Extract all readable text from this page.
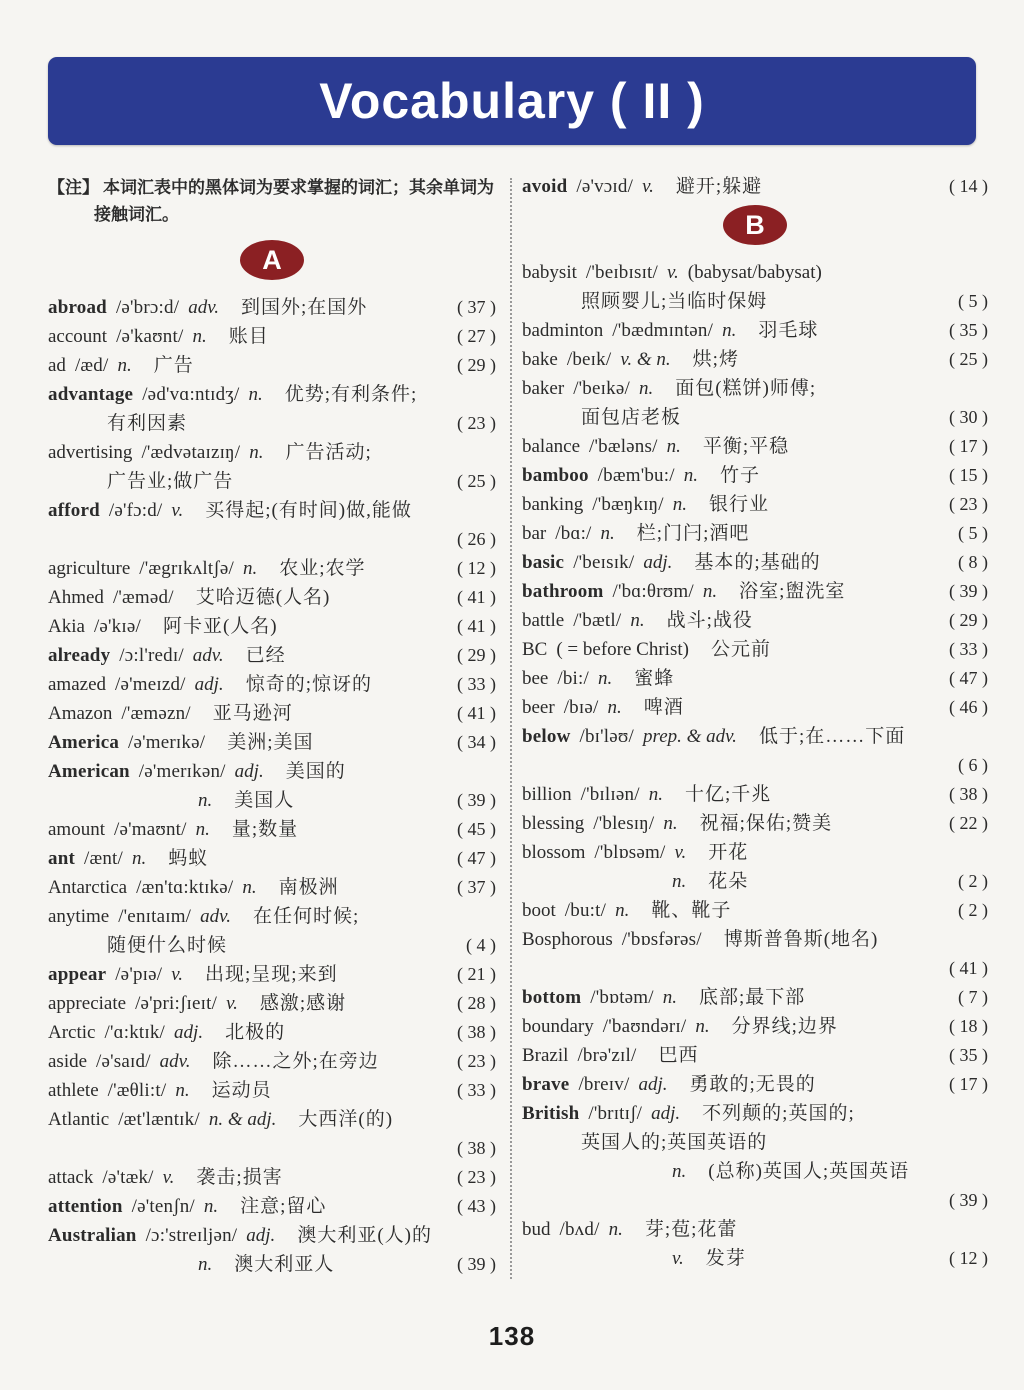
Vocabulary ( II )

【注】 本词汇表中的黑体词为要求掌握的词汇；其余单词为接触词汇。

A
abroad /ə'brɔ:d/ adv. 到国外;在国外	( 37 )
account /ə'kaʊnt/ n. 账目	( 27 )
ad /æd/ n. 广告	( 29 )
advantage /əd'vɑ:ntɪdʒ/ n. 优势;有利条件;
有利因素	( 23 )
advertising /'ædvətaɪzɪŋ/ n. 广告活动;
广告业;做广告	( 25 )
afford /ə'fɔ:d/ v. 买得起;(有时间)做,能做
( 26 )
agriculture /'ægrɪkʌltʃə/ n. 农业;农学	( 12 )
Ahmed /'æməd/ 艾哈迈德(人名)	( 41 )
Akia /ə'kɪə/ 阿卡亚(人名)	( 41 )
already /ɔ:l'redɪ/ adv. 已经	( 29 )
amazed /ə'meɪzd/ adj. 惊奇的;惊讶的	( 33 )
Amazon /'æməzn/ 亚马逊河	( 41 )
America /ə'merɪkə/ 美洲;美国	( 34 )
American /ə'merɪkən/ adj. 美国的
n. 美国人	( 39 )
amount /ə'maʊnt/ n. 量;数量	( 45 )
ant /ænt/ n. 蚂蚁	( 47 )
Antarctica /æn'tɑ:ktɪkə/ n. 南极洲	( 37 )
anytime /'enɪtaɪm/ adv. 在任何时候;
随便什么时候	( 4 )
appear /ə'pɪə/ v. 出现;呈现;来到	( 21 )
appreciate /ə'pri:ʃɪeɪt/ v. 感激;感谢	( 28 )
Arctic /'ɑ:ktɪk/ adj. 北极的	( 38 )
aside /ə'saɪd/ adv. 除……之外;在旁边	( 23 )
athlete /'æθli:t/ n. 运动员	( 33 )
Atlantic /æt'læntɪk/ n. & adj. 大西洋(的)
( 38 )
attack /ə'tæk/ v. 袭击;损害	( 23 )
attention /ə'tenʃn/ n. 注意;留心	( 43 )
Australian /ɔ:'streɪljən/ adj. 澳大利亚(人)的
n. 澳大利亚人	( 39 )
avoid /ə'vɔɪd/ v. 避开;躲避	( 14 )
B
babysit /'beɪbɪsɪt/ v. (babysat/babysat)
照顾婴儿;当临时保姆	( 5 )
badminton /'bædmɪntən/ n. 羽毛球	( 35 )
bake /beɪk/ v. & n. 烘;烤	( 25 )
baker /'beɪkə/ n. 面包(糕饼)师傅;
面包店老板	( 30 )
balance /'bæləns/ n. 平衡;平稳	( 17 )
bamboo /bæm'bu:/ n. 竹子	( 15 )
banking /'bæŋkɪŋ/ n. 银行业	( 23 )
bar /bɑ:/ n. 栏;门闩;酒吧	( 5 )
basic /'beɪsɪk/ adj. 基本的;基础的	( 8 )
bathroom /'bɑ:θrʊm/ n. 浴室;盥洗室	( 39 )
battle /'bætl/ n. 战斗;战役	( 29 )
BC ( = before Christ) 公元前	( 33 )
bee /bi:/ n. 蜜蜂	( 47 )
beer /bɪə/ n. 啤酒	( 46 )
below /bɪ'ləʊ/ prep. & adv. 低于;在……下面
( 6 )
billion /'bɪlɪən/ n. 十亿;千兆	( 38 )
blessing /'blesɪŋ/ n. 祝福;保佑;赞美	( 22 )
blossom /'blɒsəm/ v. 开花
n. 花朵	( 2 )
boot /bu:t/ n. 靴、靴子	( 2 )
Bosphorous /'bɒsfərəs/ 博斯普鲁斯(地名)
( 41 )
bottom /'bɒtəm/ n. 底部;最下部	( 7 )
boundary /'baʊndərɪ/ n. 分界线;边界	( 18 )
Brazil /brə'zɪl/ 巴西	( 35 )
brave /breɪv/ adj. 勇敢的;无畏的	( 17 )
British /'brɪtɪʃ/ adj. 不列颠的;英国的;
英国人的;英国英语的
n. (总称)英国人;英国英语
( 39 )
bud /bʌd/ n. 芽;苞;花蕾
v. 发芽	( 12 )
138
